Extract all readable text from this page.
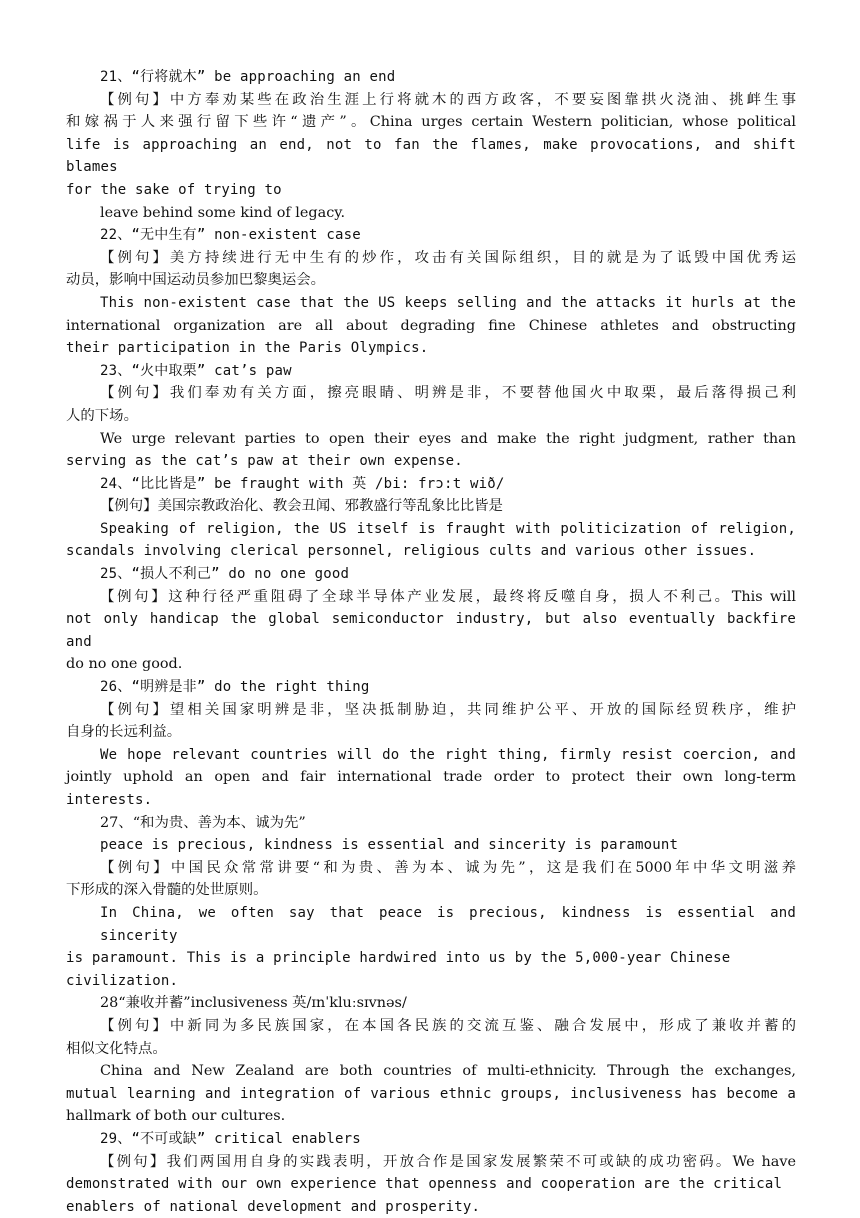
21、“行将就木” be approaching an end
【例句】中方奉劝某些在政治生涯上行将就木的西方政客，不要妄图靠拱火浇油、挑衅生事
和嫁祸于人来强行留下些许“遗产”。China urges certain Western politician, whose political
life is approaching an end, not to fan the flames, make provocations, and shift blames
for the sake of trying to
leave behind some kind of legacy.
22、“无中生有” non-existent case
【例句】美方持续进行无中生有的炒作，攻击有关国际组织，目的就是为了诋毁中国优秀运
动员，影响中国运动员参加巴黎奥运会。
This non-existent case that the US keeps selling and the attacks it hurls at the
international organization are all about degrading fine Chinese athletes and obstructing
their participation in the Paris Olympics.
23、“火中取栗” cat’s paw
【例句】我们奉劝有关方面，擦亮眼睛、明辨是非，不要替他国火中取栗，最后落得损己利
人的下场。
We urge relevant parties to open their eyes and make the right judgment, rather than
serving as the cat’s paw at their own expense.
24、“比比皆是” be fraught with 英 /bi: frɔ:t wið/
【例句】美国宗教政治化、教会丑闻、邪教盛行等乱象比比皆是
Speaking of religion, the US itself is fraught with politicization of religion,
scandals involving clerical personnel, religious cults and various other issues.
25、“损人不利己” do no one good
【例句】这种行径严重阻碍了全球半导体产业发展，最终将反噬自身，损人不利己。This will
not only handicap the global semiconductor industry, but also eventually backfire and
do no one good.
26、“明辨是非” do the right thing
【例句】望相关国家明辨是非，坚决抵制胁迫，共同维护公平、开放的国际经贸秩序，维护
自身的长远利益。
We hope relevant countries will do the right thing, firmly resist coercion, and
jointly uphold an open and fair international trade order to protect their own long-term
interests.
27、“和为贵、善为本、诚为先”
peace is precious, kindness is essential and sincerity is paramount
【例句】中国民众常常讲要“和为贵、善为本、诚为先”，这是我们在5000年中华文明滋养
下形成的深入骨髓的处世原则。
In China, we often say that peace is precious, kindness is essential and sincerity
is paramount. This is a principle hardwired into us by the 5,000-year Chinese
civilization.
28“兼收并蓄”inclusiveness 英/ɪnˈkluːsɪvnəs/
【例句】中新同为多民族国家，在本国各民族的交流互鉴、融合发展中，形成了兼收并蓄的
相似文化特点。
China and New Zealand are both countries of multi-ethnicity. Through the exchanges,
mutual learning and integration of various ethnic groups, inclusiveness has become a
hallmark of both our cultures.
29、“不可或缺” critical enablers
【例句】我们两国用自身的实践表明，开放合作是国家发展繁荣不可或缺的成功密码。We have
demonstrated with our own experience that openness and cooperation are the critical
enablers of national development and prosperity.
